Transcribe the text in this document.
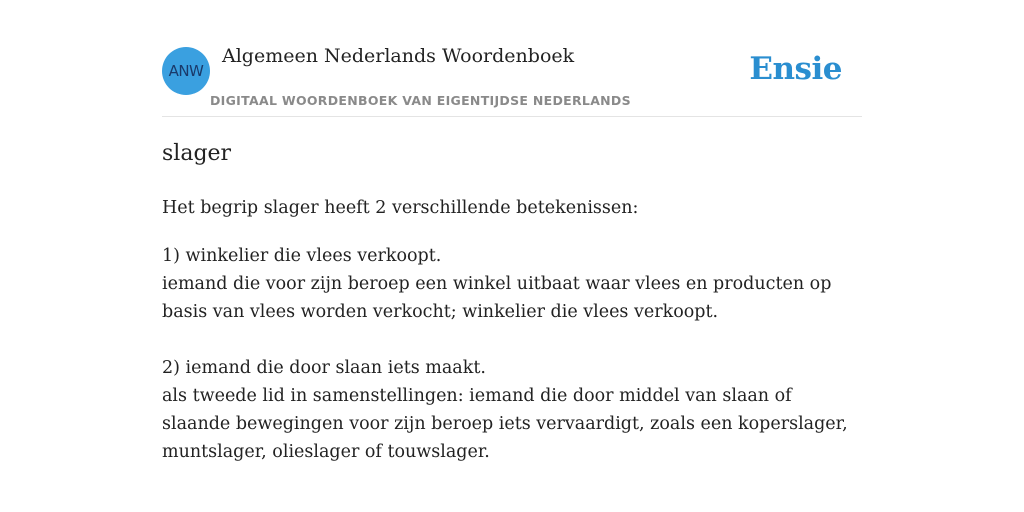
ANW
Algemeen Nederlands Woordenboek
DIGITAAL WOORDENBOEK VAN EIGENTIJDSE NEDERLANDS
Ensie
slager

Het begrip slager heeft 2 verschillende betekenissen:

1) winkelier die vlees verkoopt.
iemand die voor zijn beroep een winkel uitbaat waar vlees en producten op basis van vlees worden verkocht; winkelier die vlees verkoopt.

2) iemand die door slaan iets maakt.
als tweede lid in samenstellingen: iemand die door middel van slaan of slaande bewegingen voor zijn beroep iets vervaardigt, zoals een koperslager, muntslager, olieslager of touwslager.
